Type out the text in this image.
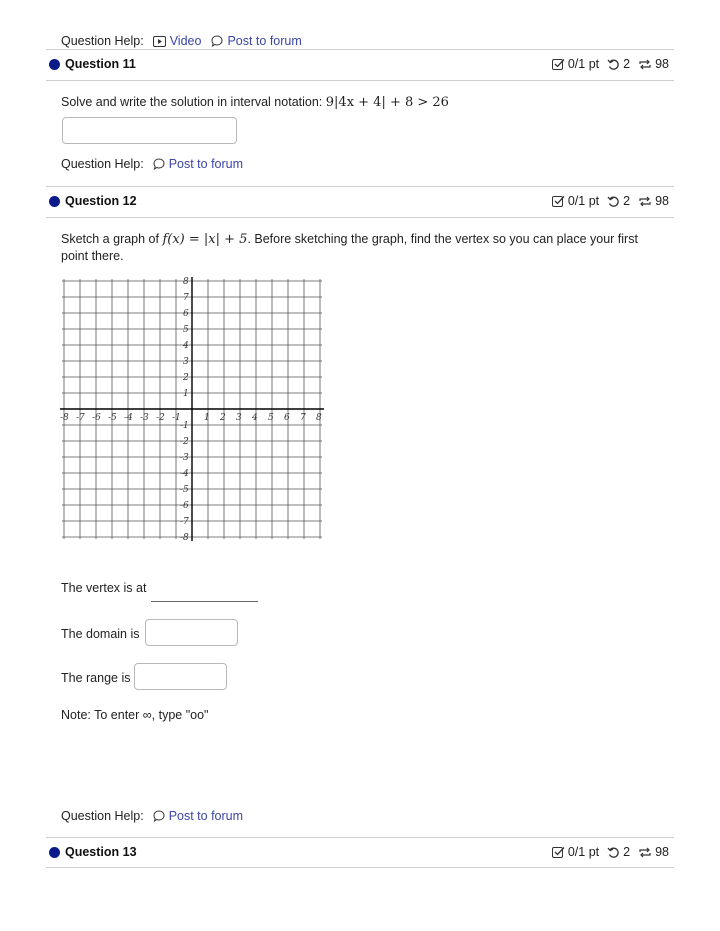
Question Help: Video Post to forum
Question 11	0/1 pt 2 98
Solve and write the solution in interval notation: 9|4x + 4| + 8 > 26
Question Help: Post to forum
Question 12	0/1 pt 2 98
Sketch a graph of f(x) = |x| + 5. Before sketching the graph, find the vertex so you can place your first point there.
-8 -7 -6 -5 -4 -3 -2 -1	1 2 3 4 5 6 7 8
8
7
6
5
4
3
2
1
-1
-2
-3
-4
-5
-6
-7
-8
The vertex is at
The domain is
The range is
Note: To enter ∞, type "oo"
Question Help: Post to forum
Question 13	0/1 pt 2 98
